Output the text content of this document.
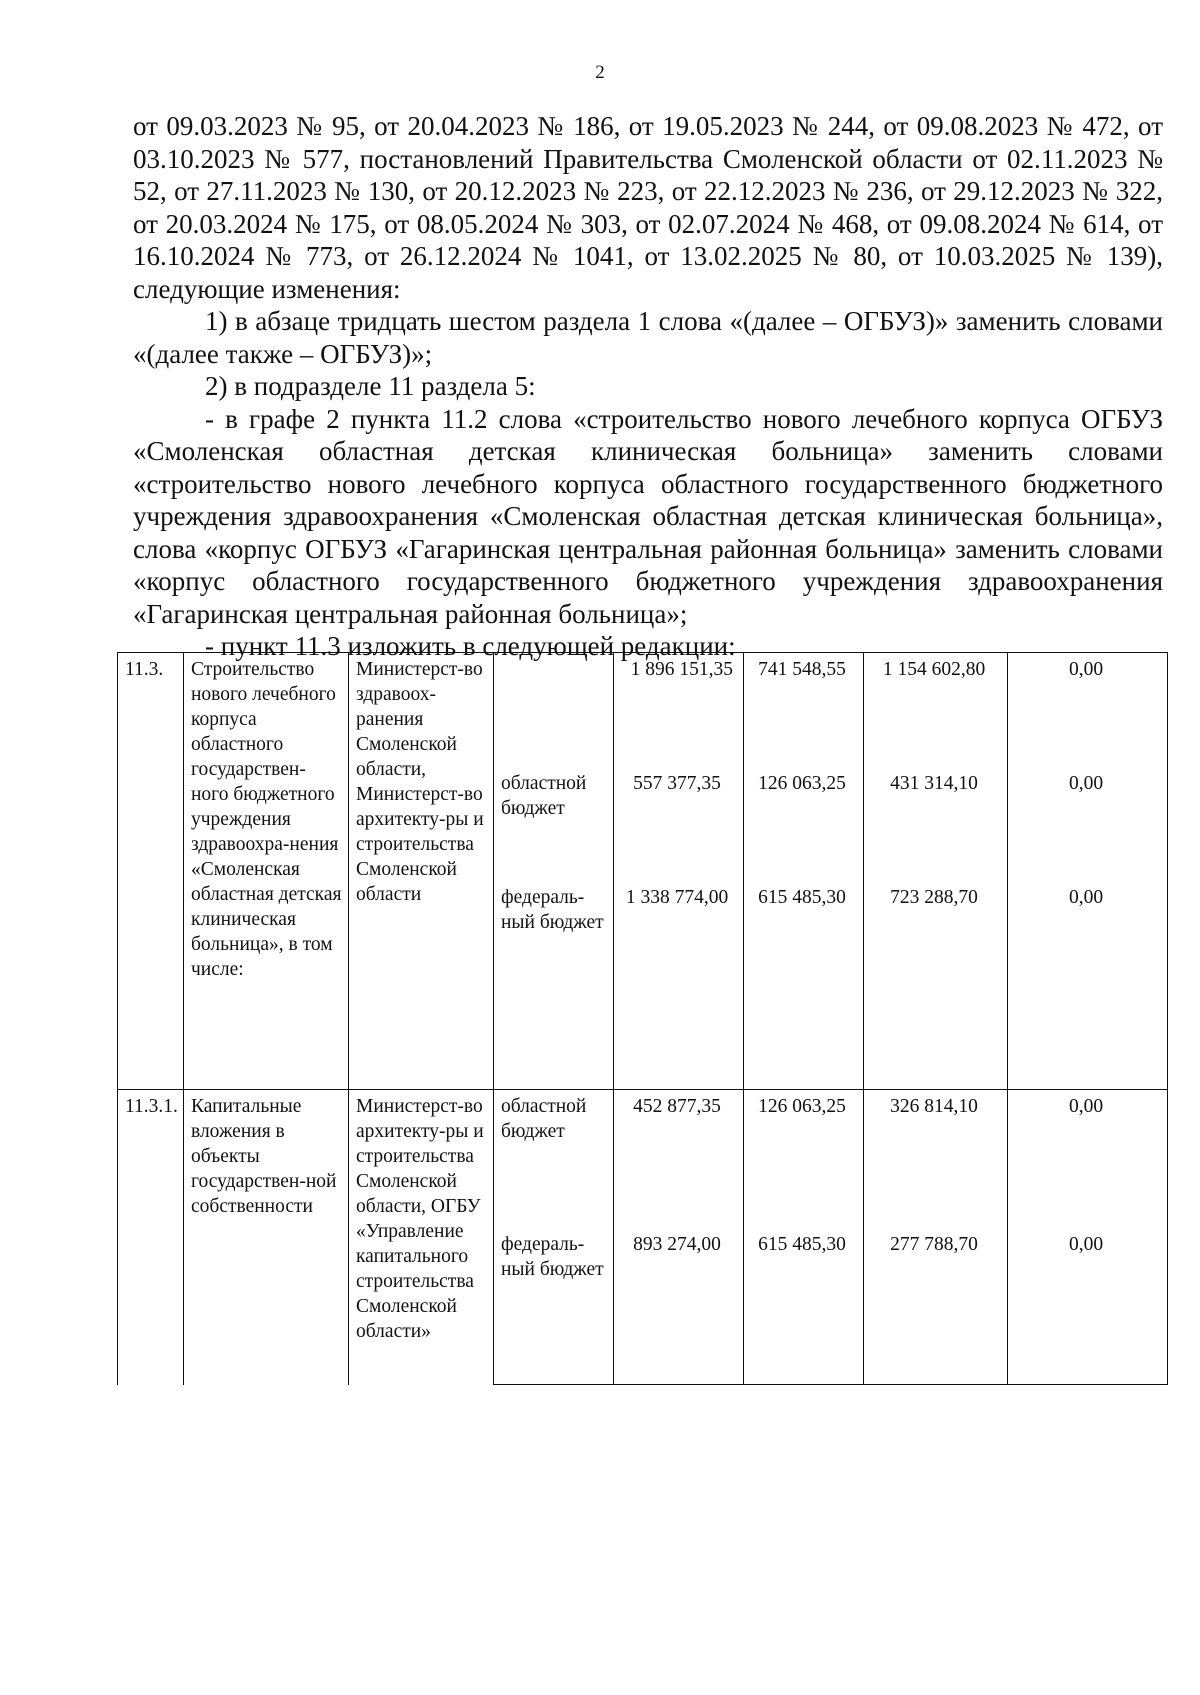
2

от 09.03.2023 № 95, от 20.04.2023 № 186, от 19.05.2023 № 244, от 09.08.2023 № 472, от 03.10.2023 № 577, постановлений Правительства Смоленской области от 02.11.2023 № 52, от 27.11.2023 № 130, от 20.12.2023 № 223, от 22.12.2023 № 236, от 29.12.2023 № 322, от 20.03.2024 № 175, от 08.05.2024 № 303, от 02.07.2024 № 468, от 09.08.2024 № 614, от 16.10.2024 № 773, от 26.12.2024 № 1041, от 13.02.2025 № 80, от 10.03.2025 № 139), следующие изменения:

1) в абзаце тридцать шестом раздела 1 слова «(далее – ОГБУЗ)» заменить словами «(далее также – ОГБУЗ)»;

2) в подразделе 11 раздела 5:

- в графе 2 пункта 11.2 слова «строительство нового лечебного корпуса ОГБУЗ «Смоленская областная детская клиническая больница» заменить словами «строительство нового лечебного корпуса областного государственного бюджетного учреждения здравоохранения «Смоленская областная детская клиническая больница», слова «корпус ОГБУЗ «Гагаринская центральная районная больница» заменить словами «корпус областного государственного бюджетного учреждения здравоохранения «Гагаринская центральная районная больница»;

- пункт 11.3 изложить в следующей редакции:

11.3.	Строительство нового лечебного корпуса областного государствен-ного бюджетного учреждения здравоохра-нения «Смоленская областная детская клиническая больница», в том числе:	Министерст-во здравоох-ранения Смоленской области, Министерст-во архитекту-ры и строительства Смоленской области		1 896 151,35	741 548,55	1 154 602,80	0,00
			областной бюджет	557 377,35	126 063,25	431 314,10	0,00
			федераль-ный бюджет	1 338 774,00	615 485,30	723 288,70	0,00
11.3.1.	Капитальные вложения в объекты государствен-ной собственности	Министерст-во архитекту-ры и строительства Смоленской области, ОГБУ «Управление капитального строительства Смоленской области»	областной бюджет	452 877,35	126 063,25	326 814,10	0,00
			федераль-ный бюджет	893 274,00	615 485,30	277 788,70	0,00
